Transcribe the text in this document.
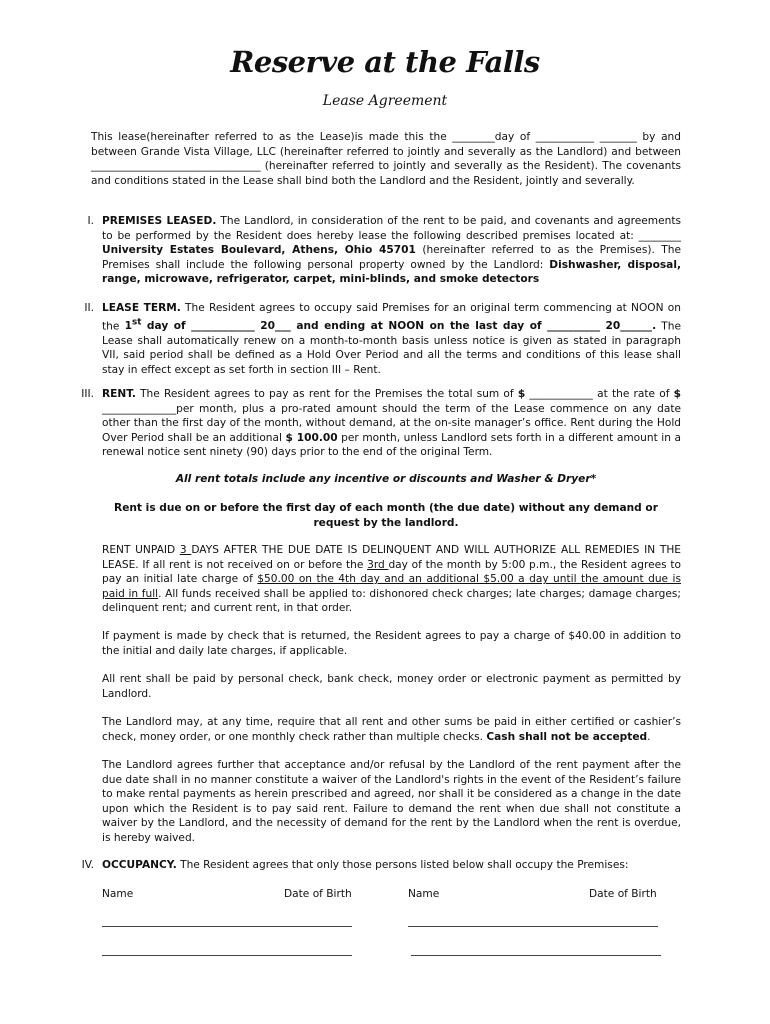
Reserve at the Falls
Lease Agreement

This lease(hereinafter referred to as the Lease)is made this the ________day of ___________ _______ by and between Grande Vista Village, LLC (hereinafter referred to jointly and severally as the Landlord) and between ________________________________ (hereinafter referred to jointly and severally as the Resident). The covenants and conditions stated in the Lease shall bind both the Landlord and the Resident, jointly and severally.

I. PREMISES LEASED. The Landlord, in consideration of the rent to be paid, and covenants and agreements to be performed by the Resident does hereby lease the following described premises located at: ________ University Estates Boulevard, Athens, Ohio 45701 (hereinafter referred to as the Premises). The Premises shall include the following personal property owned by the Landlord: Dishwasher, disposal, range, microwave, refrigerator, carpet, mini-blinds, and smoke detectors
II. LEASE TERM. The Resident agrees to occupy said Premises for an original term commencing at NOON on the 1st day of ____________ 20___ and ending at NOON on the last day of __________ 20______. The Lease shall automatically renew on a month-to-month basis unless notice is given as stated in paragraph VII, said period shall be defined as a Hold Over Period and all the terms and conditions of this lease shall stay in effect except as set forth in section III – Rent.
III. RENT. The Resident agrees to pay as rent for the Premises the total sum of $ ____________ at the rate of $ ______________per month, plus a pro-rated amount should the term of the Lease commence on any date other than the first day of the month, without demand, at the on-site manager’s office. Rent during the Hold Over Period shall be an additional $ 100.00 per month, unless Landlord sets forth in a different amount in a renewal notice sent ninety (90) days prior to the end of the original Term.
All rent totals include any incentive or discounts and Washer & Dryer*
Rent is due on or before the first day of each month (the due date) without any demand or request by the landlord.

RENT UNPAID 3 DAYS AFTER THE DUE DATE IS DELINQUENT AND WILL AUTHORIZE ALL REMEDIES IN THE LEASE. If all rent is not received on or before the 3rd day of the month by 5:00 p.m., the Resident agrees to pay an initial late charge of $50.00 on the 4th day and an additional $5.00 a day until the amount due is paid in full. All funds received shall be applied to: dishonored check charges; late charges; damage charges; delinquent rent; and current rent, in that order.

If payment is made by check that is returned, the Resident agrees to pay a charge of $40.00 in addition to the initial and daily late charges, if applicable.

All rent shall be paid by personal check, bank check, money order or electronic payment as permitted by Landlord.

The Landlord may, at any time, require that all rent and other sums be paid in either certified or cashier’s check, money order, or one monthly check rather than multiple checks. Cash shall not be accepted.

The Landlord agrees further that acceptance and/or refusal by the Landlord of the rent payment after the due date shall in no manner constitute a waiver of the Landlord's rights in the event of the Resident’s failure to make rental payments as herein prescribed and agreed, nor shall it be considered as a change in the date upon which the Resident is to pay said rent. Failure to demand the rent when due shall not constitute a waiver by the Landlord, and the necessity of demand for the rent by the Landlord when the rent is overdue, is hereby waived.

IV. OCCUPANCY. The Resident agrees that only those persons listed below shall occupy the Premises:
Name	Date of Birth	Name	Date of Birth
